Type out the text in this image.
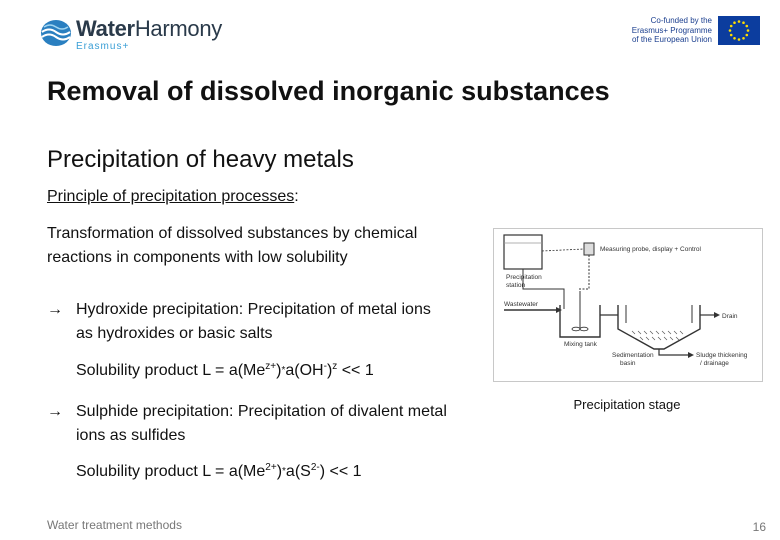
WaterHarmony
Erasmus+
Co-funded by the
Erasmus+ Programme
of the European Union
Removal of dissolved inorganic substances
Precipitation of heavy metals
Principle of precipitation processes:
Transformation of dissolved substances by chemical reactions in components with low solubility
→ Hydroxide precipitation: Precipitation of metal ions as hydroxides or basic salts
Solubility product $L = a(Me^{z+})*a(OH^-)^z << 1$
→ Sulphide precipitation: Precipitation of divalent metal ions as sulfides
Solubility product $L = a(Me^{2+})*a(S^{2-}) << 1$
Precipitation
station
Measuring probe, display + Control
Wastewater
Mixing tank
Sedimentation
basin
Drain
Sludge thickening
/ drainage
Precipitation stage
Water treatment methods	16
